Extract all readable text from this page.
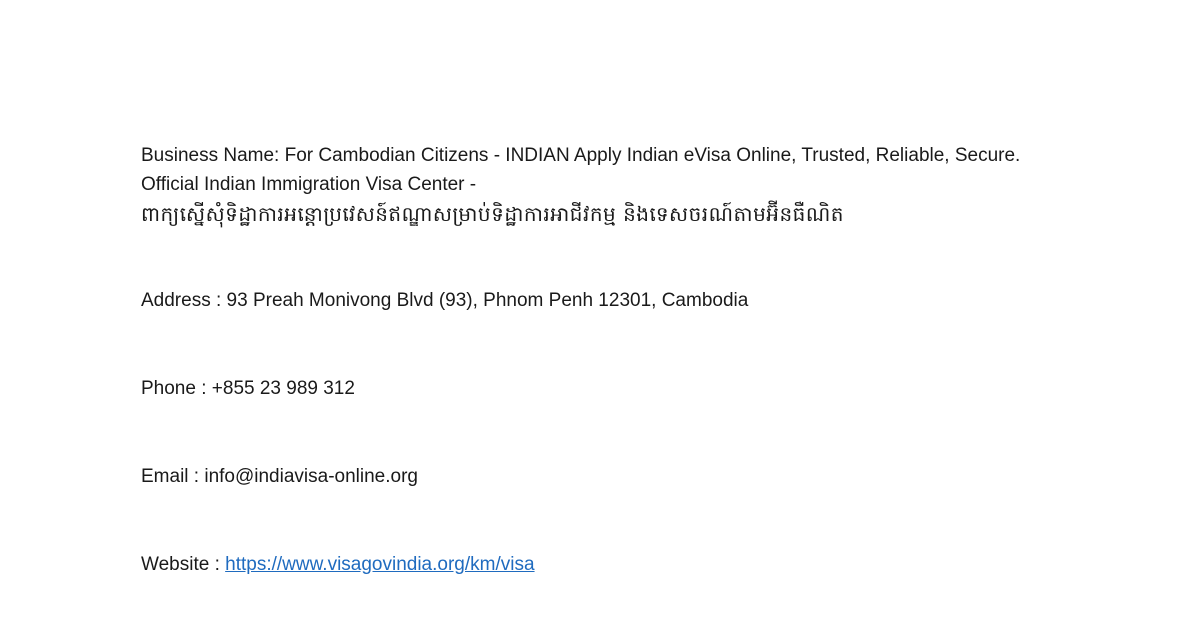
Business Name: For Cambodian Citizens - INDIAN Apply Indian eVisa Online, Trusted, Reliable, Secure.
Official Indian Immigration Visa Center -
ពាក្យស្នើសុំទិដ្ឋាការអន្តោប្រវេសន៍ឥណ្ឌាសម្រាប់ទិដ្ឋាការអាជីវកម្ម និងទេសចរណ៍តាមអ៊ីនធឺណិត
Address : 93 Preah Monivong Blvd (93), Phnom Penh 12301, Cambodia
Phone : +855 23 989 312
Email : info@indiavisa-online.org
Website : https://www.visagovindia.org/km/visa
